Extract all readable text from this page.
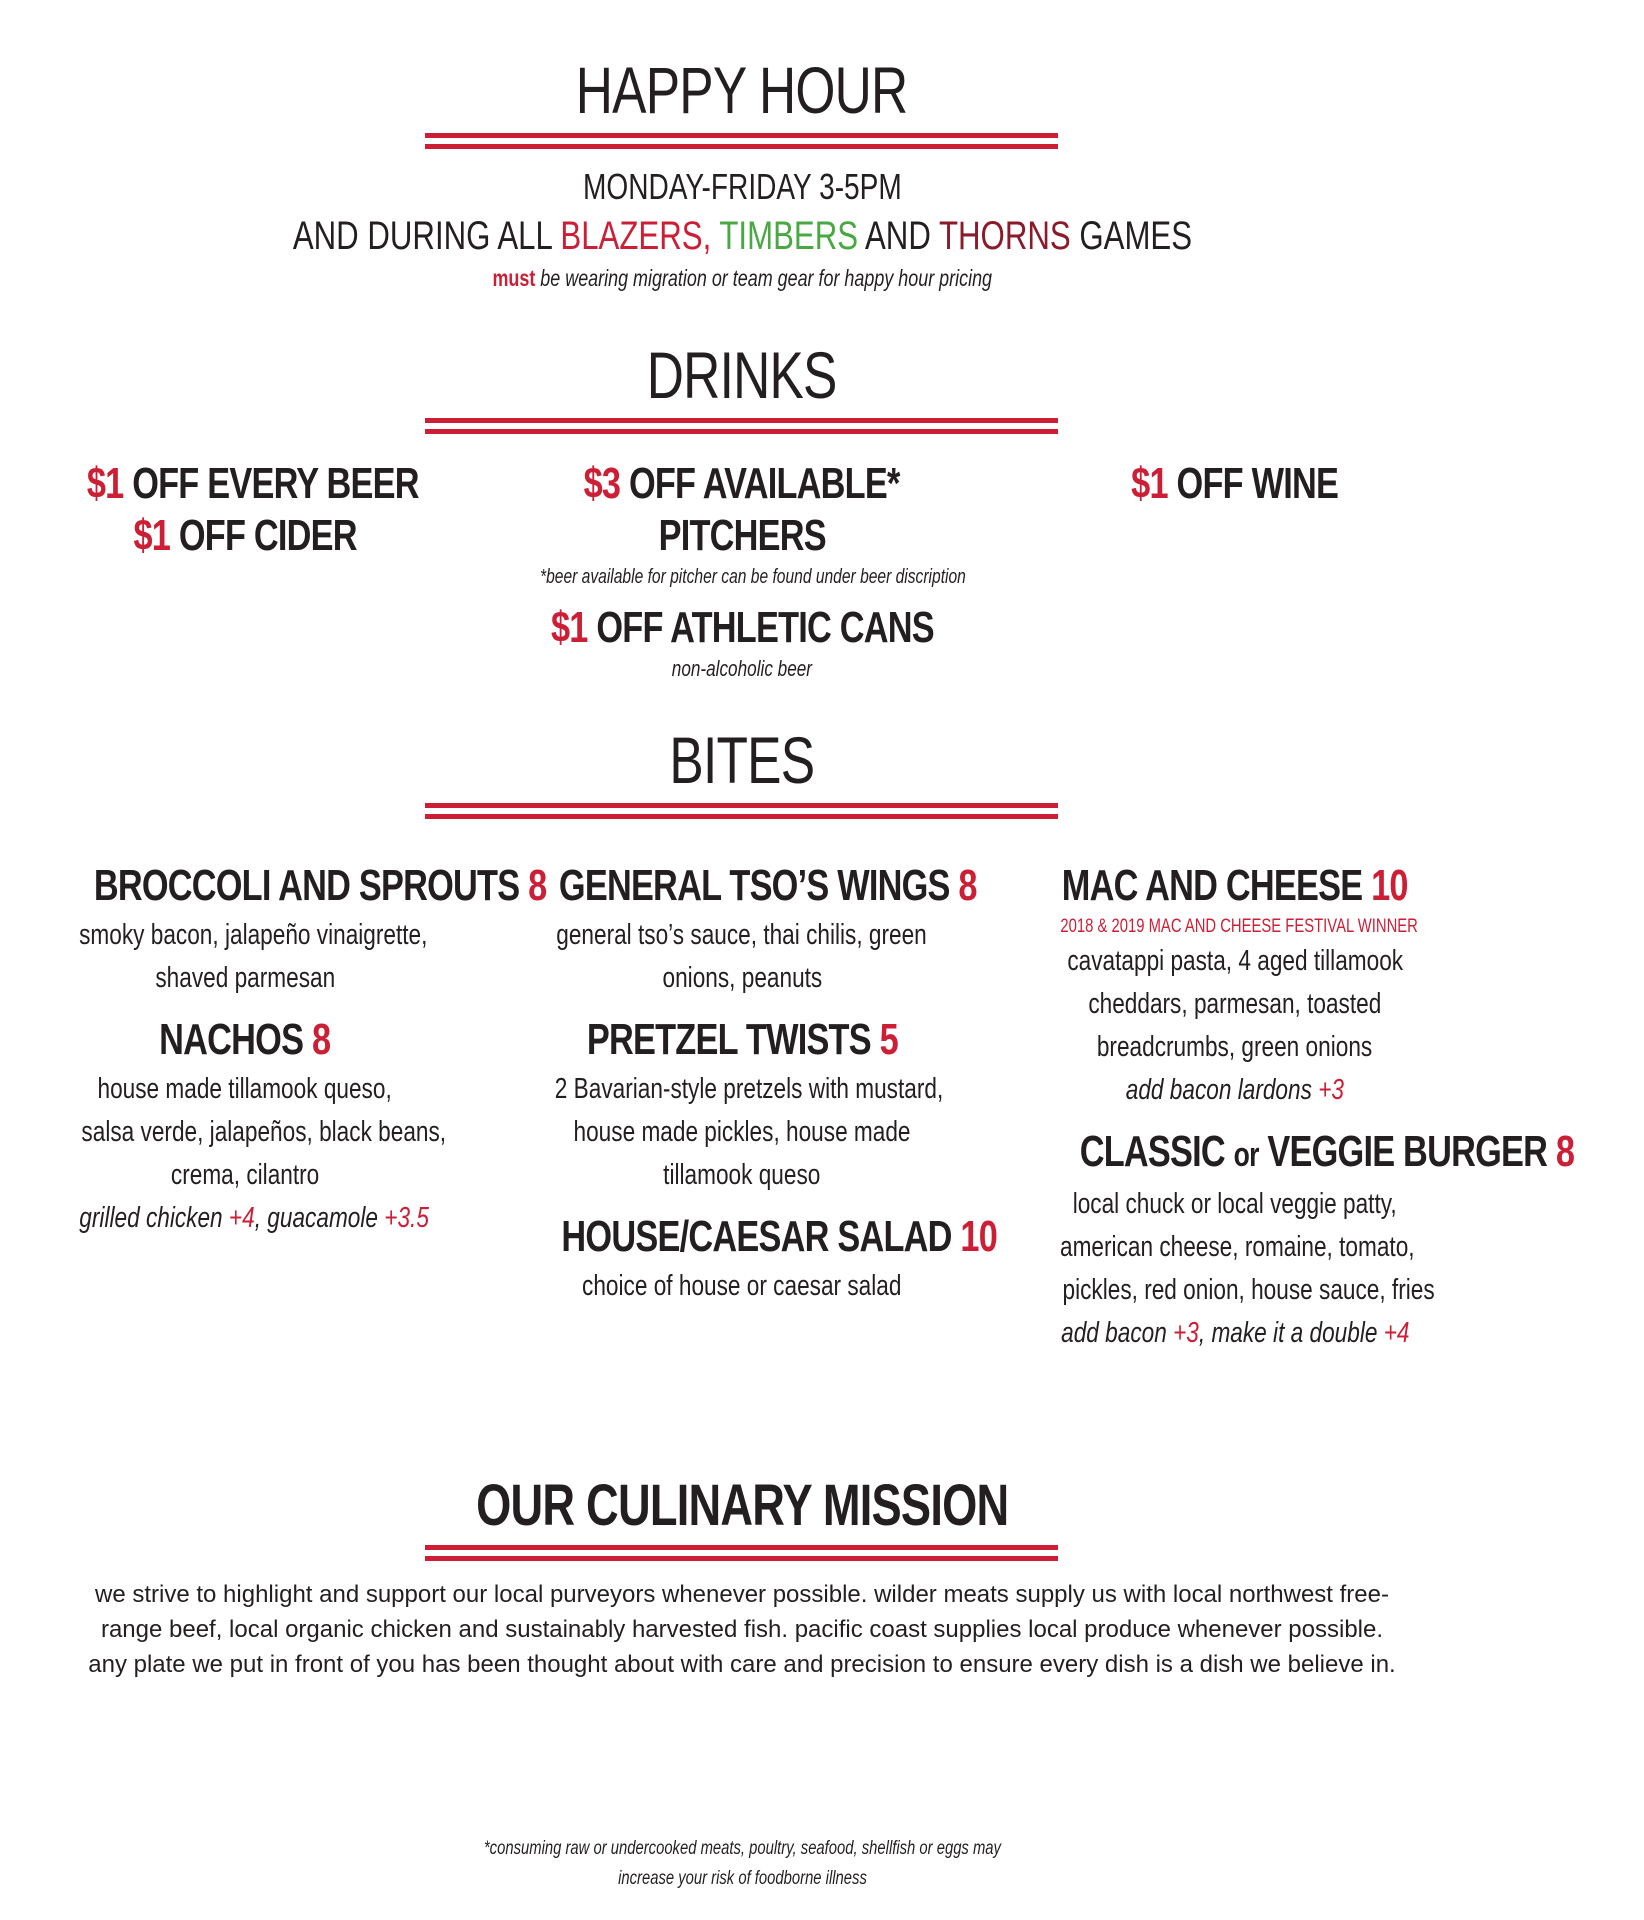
HAPPY HOUR
MONDAY-FRIDAY 3-5PM
AND DURING ALL BLAZERS, TIMBERS AND THORNS GAMES
must be wearing migration or team gear for happy hour pricing
DRINKS
$1 OFF EVERY BEER
$1 OFF CIDER
$3 OFF AVAILABLE*
PITCHERS
*beer available for pitcher can be found under beer discription
$1 OFF ATHLETIC CANS
non-alcoholic beer
$1 OFF WINE
BITES
BROCCOLI AND SPROUTS 8
smoky bacon, jalapeño vinaigrette,
shaved parmesan
NACHOS 8
house made tillamook queso,
salsa verde, jalapeños, black beans,
crema, cilantro
grilled chicken +4, guacamole +3.5
GENERAL TSO’S WINGS 8
general tso’s sauce, thai chilis, green
onions, peanuts
PRETZEL TWISTS 5
2 Bavarian-style pretzels with mustard,
house made pickles, house made
tillamook queso
HOUSE/CAESAR SALAD 10
choice of house or caesar salad
MAC AND CHEESE 10
2018 & 2019 MAC AND CHEESE FESTIVAL WINNER
cavatappi pasta, 4 aged tillamook
cheddars, parmesan, toasted
breadcrumbs, green onions
add bacon lardons +3
CLASSIC or VEGGIE BURGER 8
local chuck or local veggie patty,
american cheese, romaine, tomato,
pickles, red onion, house sauce, fries
add bacon +3, make it a double +4
OUR CULINARY MISSION
we strive to highlight and support our local purveyors whenever possible. wilder meats supply us with local northwest free-
range beef, local organic chicken and sustainably harvested fish. pacific coast supplies local produce whenever possible.
any plate we put in front of you has been thought about with care and precision to ensure every dish is a dish we believe in.
*consuming raw or undercooked meats, poultry, seafood, shellfish or eggs may
increase your risk of foodborne illness
